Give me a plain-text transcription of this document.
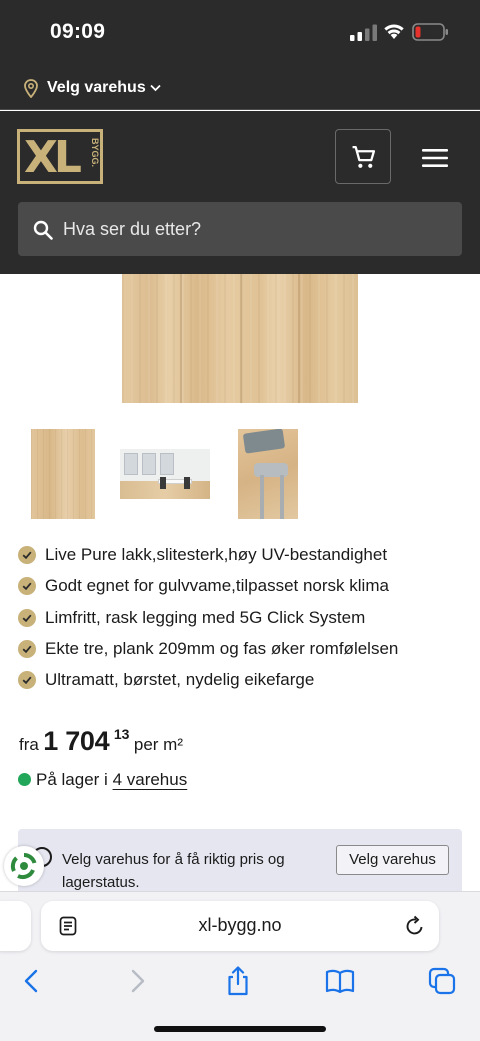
09:09
Velg varehus
XL BYGG.
Hva ser du etter?
Live Pure lakk,slitesterk,høy UV-bestandighet
Godt egnet for gulvvame,tilpasset norsk klima
Limfritt, rask legging med 5G Click System
Ekte tre, plank 209mm og fas øker romfølelsen
Ultramatt, børstet, nydelig eikefarge
fra 1 704 13 per m²
På lager i 4 varehus
Velg varehus for å få riktig pris og lagerstatus.
Velg varehus
xl-bygg.no
